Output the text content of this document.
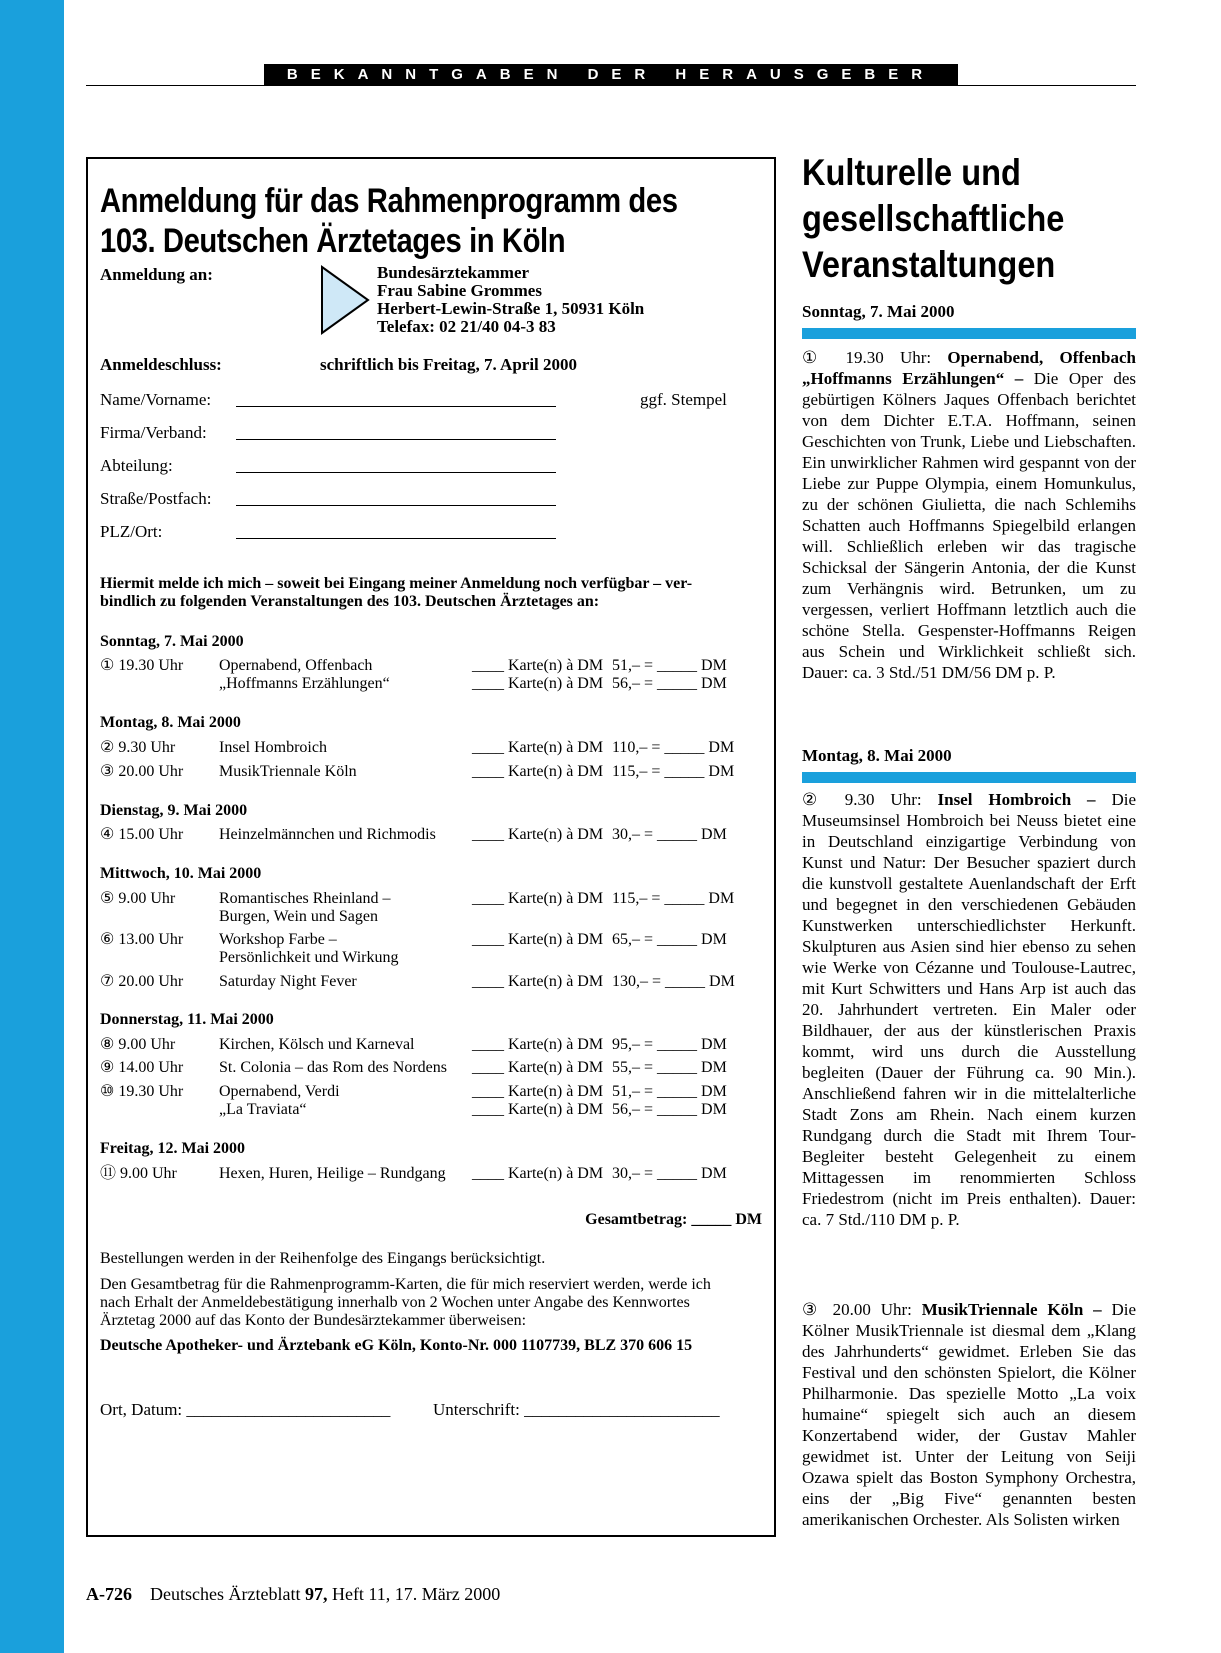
BEKANNTGABEN DER HERAUSGEBER
Anmeldung für das Rahmenprogramm des
103. Deutschen Ärztetages in Köln
Anmeldung an:	Bundesärztekammer
Frau Sabine Grommes
Herbert-Lewin-Straße 1, 50931 Köln
Telefax: 02 21/40 04-3 83
Anmeldeschluss:	schriftlich bis Freitag, 7. April 2000
ggf. Stempel
Name/Vorname:
Firma/Verband:
Abteilung:
Straße/Postfach:
PLZ/Ort:
Hiermit melde ich mich – soweit bei Eingang meiner Anmeldung noch verfügbar – ver-
bindlich zu folgenden Veranstaltungen des 103. Deutschen Ärztetages an:
Sonntag, 7. Mai 2000
① 19.30 Uhr Opernabend, Offenbach	____ Karte(n) à DM 51,– = _____ DM
„Hoffmanns Erzählungen“	____ Karte(n) à DM 56,– = _____ DM
Montag, 8. Mai 2000
② 9.30 Uhr	Insel Hombroich	____ Karte(n) à DM 110,– = _____ DM
③ 20.00 Uhr MusikTriennale Köln	____ Karte(n) à DM 115,– = _____ DM
Dienstag, 9. Mai 2000
④ 15.00 Uhr Heinzelmännchen und Richmodis ____ Karte(n) à DM 30,– = _____ DM
Mittwoch, 10. Mai 2000
⑤ 9.00 Uhr	Romantisches Rheinland –	____ Karte(n) à DM 115,– = _____ DM
Burgen, Wein und Sagen
⑥ 13.00 Uhr Workshop Farbe –	____ Karte(n) à DM 65,– = _____ DM
Persönlichkeit und Wirkung
⑦ 20.00 Uhr Saturday Night Fever	____ Karte(n) à DM 130,– = _____ DM
Donnerstag, 11. Mai 2000
⑧ 9.00 Uhr	Kirchen, Kölsch und Karneval	____ Karte(n) à DM 95,– = _____ DM
⑨ 14.00 Uhr St. Colonia – das Rom des Nordens ____ Karte(n) à DM 55,– = _____ DM
⑩ 19.30 Uhr Opernabend, Verdi	____ Karte(n) à DM 51,– = _____ DM
„La Traviata“	____ Karte(n) à DM 56,– = _____ DM
Freitag, 12. Mai 2000
⑪ 9.00 Uhr	Hexen, Huren, Heilige – Rundgang ____ Karte(n) à DM 30,– = _____ DM
Gesamtbetrag: _____ DM
Bestellungen werden in der Reihenfolge des Eingangs berücksichtigt.
Den Gesamtbetrag für die Rahmenprogramm-Karten, die für mich reserviert werden, werde ich
nach Erhalt der Anmeldebestätigung innerhalb von 2 Wochen unter Angabe des Kennwortes
Ärztetag 2000 auf das Konto der Bundesärztekammer überweisen:
Deutsche Apotheker- und Ärztebank eG Köln, Konto-Nr. 000 1107739, BLZ 370 606 15
Ort, Datum: ________________________	Unterschrift: _______________________
Kulturelle und
gesellschaftliche
Veranstaltungen
Sonntag, 7. Mai 2000
① 19.30 Uhr: Opernabend, Offenbach „Hoffmanns Erzählungen“ – Die Oper des gebürtigen Kölners Jaques Offenbach berichtet von dem Dichter E.T.A. Hoffmann, seinen Geschichten von Trunk, Liebe und Liebschaften. Ein unwirklicher Rahmen wird gespannt von der Liebe zur Puppe Olympia, einem Homunkulus, zu der schönen Giulietta, die nach Schlemihs Schatten auch Hoffmanns Spiegelbild erlangen will. Schließlich erleben wir das tragische Schicksal der Sängerin Antonia, der die Kunst zum Verhängnis wird. Betrunken, um zu vergessen, verliert Hoffmann letztlich auch die schöne Stella. Gespenster-Hoffmanns Reigen aus Schein und Wirklichkeit schließt sich. Dauer: ca. 3 Std./51 DM/56 DM p. P.
Montag, 8. Mai 2000
② 9.30 Uhr: Insel Hombroich – Die Museumsinsel Hombroich bei Neuss bietet eine in Deutschland einzigartige Verbindung von Kunst und Natur: Der Besucher spaziert durch die kunstvoll gestaltete Auenlandschaft der Erft und begegnet in den verschiedenen Gebäuden Kunstwerken unterschiedlichster Herkunft. Skulpturen aus Asien sind hier ebenso zu sehen wie Werke von Cézanne und Toulouse-Lautrec, mit Kurt Schwitters und Hans Arp ist auch das 20. Jahrhundert vertreten. Ein Maler oder Bildhauer, der aus der künstlerischen Praxis kommt, wird uns durch die Ausstellung begleiten (Dauer der Führung ca. 90 Min.). Anschließend fahren wir in die mittelalterliche Stadt Zons am Rhein. Nach einem kurzen Rundgang durch die Stadt mit Ihrem Tour-Begleiter besteht Gelegenheit zu einem Mittagessen im renommierten Schloss Friedestrom (nicht im Preis enthalten). Dauer: ca. 7 Std./110 DM p. P.
③ 20.00 Uhr: MusikTriennale Köln – Die Kölner MusikTriennale ist diesmal dem „Klang des Jahrhunderts“ gewidmet. Erleben Sie das Festival und den schönsten Spielort, die Kölner Philharmonie. Das spezielle Motto „La voix humaine“ spiegelt sich auch an diesem Konzertabend wider, der Gustav Mahler gewidmet ist. Unter der Leitung von Seiji Ozawa spielt das Boston Symphony Orchestra, eins der „Big Five“ genannten besten amerikanischen Orchester. Als Solisten wirken
A-726 Deutsches Ärzteblatt 97, Heft 11, 17. März 2000
